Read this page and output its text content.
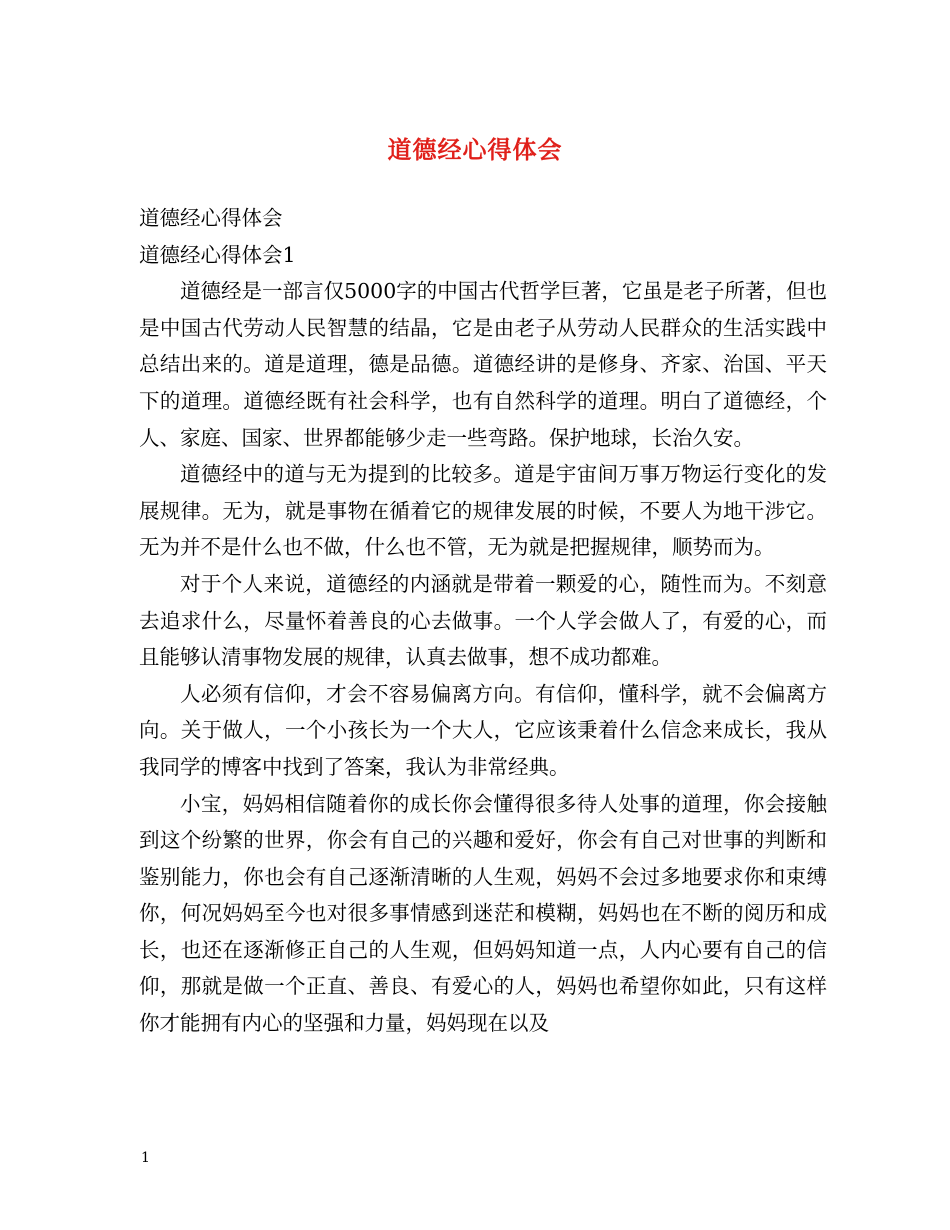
道德经心得体会
道德经心得体会
道德经心得体会1

道德经是一部言仅5000字的中国古代哲学巨著，它虽是老子所著，但也是中国古代劳动人民智慧的结晶，它是由老子从劳动人民群众的生活实践中总结出来的。道是道理，德是品德。道德经讲的是修身、齐家、治国、平天下的道理。道德经既有社会科学，也有自然科学的道理。明白了道德经，个人、家庭、国家、世界都能够少走一些弯路。保护地球，长治久安。

道德经中的道与无为提到的比较多。道是宇宙间万事万物运行变化的发展规律。无为，就是事物在循着它的规律发展的时候，不要人为地干涉它。无为并不是什么也不做，什么也不管，无为就是把握规律，顺势而为。

对于个人来说，道德经的内涵就是带着一颗爱的心，随性而为。不刻意去追求什么，尽量怀着善良的心去做事。一个人学会做人了，有爱的心，而且能够认清事物发展的规律，认真去做事，想不成功都难。

人必须有信仰，才会不容易偏离方向。有信仰，懂科学，就不会偏离方向。关于做人，一个小孩长为一个大人，它应该秉着什么信念来成长，我从我同学的博客中找到了答案，我认为非常经典。

小宝，妈妈相信随着你的成长你会懂得很多待人处事的道理，你会接触到这个纷繁的世界，你会有自己的兴趣和爱好，你会有自己对世事的判断和鉴别能力，你也会有自己逐渐清晰的人生观，妈妈不会过多地要求你和束缚你，何况妈妈至今也对很多事情感到迷茫和模糊，妈妈也在不断的阅历和成长，也还在逐渐修正自己的人生观，但妈妈知道一点，人内心要有自己的信仰，那就是做一个正直、善良、有爱心的人，妈妈也希望你如此，只有这样你才能拥有内心的坚强和力量，妈妈现在以及

1
